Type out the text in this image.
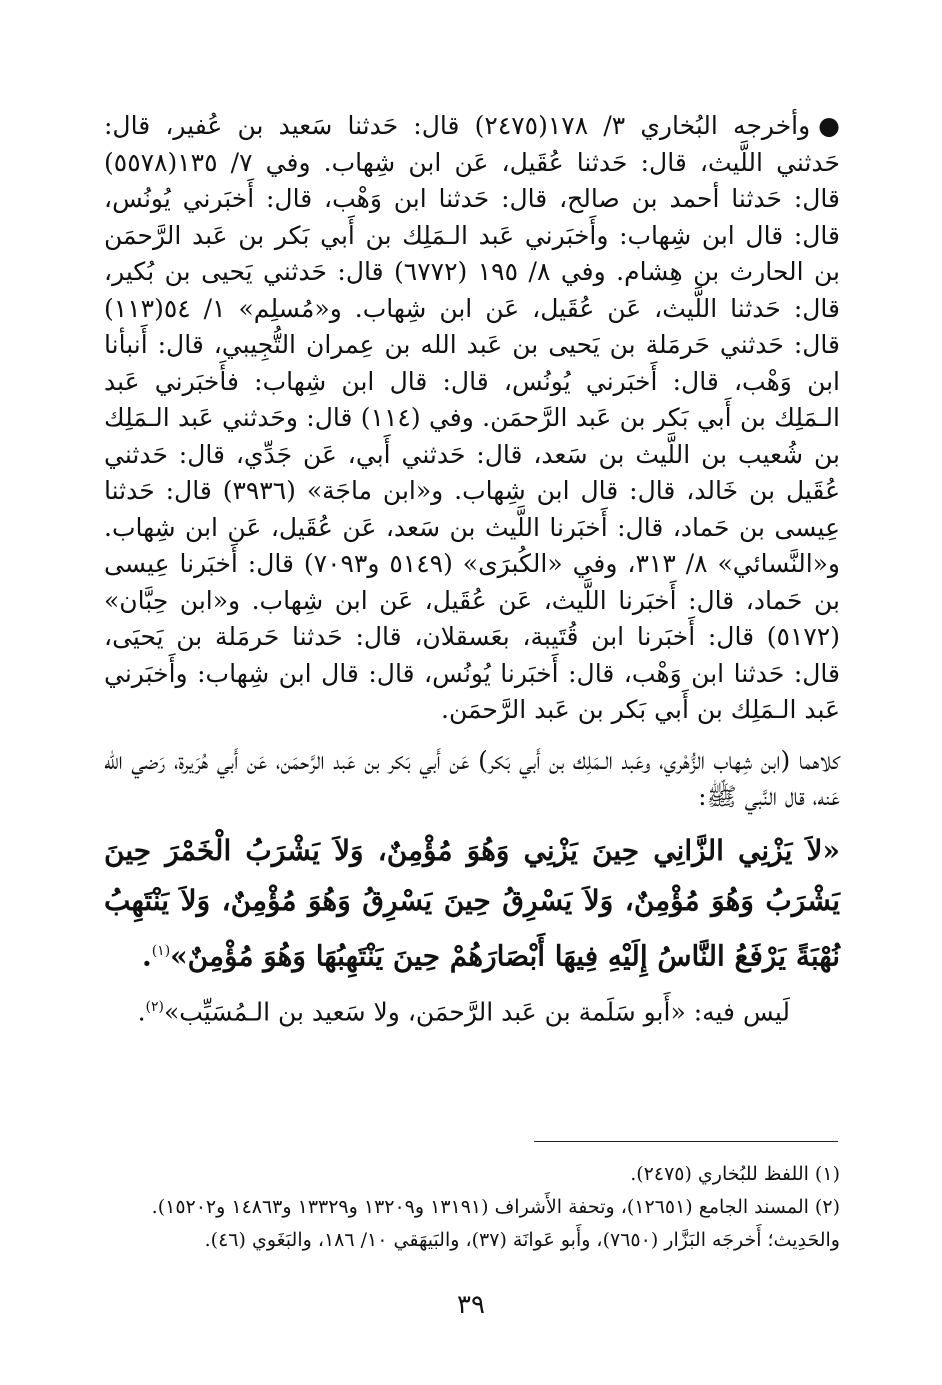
●وأخرجه البُخاري ٣/ ١٧٨(٢٤٧٥) قال: حَدثنا سَعيد بن عُفير، قال: حَدثني اللَّيث، قال: حَدثنا عُقَيل، عَن ابن شِهاب. وفي ٧/ ١٣٥(٥٥٧٨) قال: حَدثنا أحمد بن صالح، قال: حَدثنا ابن وَهْب، قال: أَخبَرني يُونُس، قال: قال ابن شِهاب: وأَخبَرني عَبد الـمَلِك بن أَبي بَكر بن عَبد الرَّحمَن بن الحارث بن هِشام. وفي ٨/ ١٩٥ (٦٧٧٢) قال: حَدثني يَحيى بن بُكير، قال: حَدثنا اللَّيث، عَن عُقَيل، عَن ابن شِهاب. و«مُسلِم» ١/ ٥٤(١١٣) قال: حَدثني حَرمَلة بن يَحيى بن عَبد الله بن عِمران التُّجِيبي، قال: أَنبأنا ابن وَهْب، قال: أَخبَرني يُونُس، قال: قال ابن شِهاب: فأَخبَرني عَبد الـمَلِك بن أَبي بَكر بن عَبد الرَّحمَن. وفي (١١٤) قال: وحَدثني عَبد الـمَلِك بن شُعيب بن اللَّيث بن سَعد، قال: حَدثني أَبي، عَن جَدِّي، قال: حَدثني عُقَيل بن خَالد، قال: قال ابن شِهاب. و«ابن ماجَة» (٣٩٣٦) قال: حَدثنا عِيسى بن حَماد، قال: أَخبَرنا اللَّيث بن سَعد، عَن عُقَيل، عَن ابن شِهاب. و«النَّسائي» ٨/ ٣١٣، وفي «الكُبرَى» (٥١٤٩ و٧٠٩٣) قال: أَخبَرنا عِيسى بن حَماد، قال: أَخبَرنا اللَّيث، عَن عُقَيل، عَن ابن شِهاب. و«ابن حِبَّان» (٥١٧٢) قال: أَخبَرنا ابن قُتَيبة، بعَسقلان، قال: حَدثنا حَرمَلة بن يَحيَى، قال: حَدثنا ابن وَهْب، قال: أَخبَرنا يُونُس، قال: قال ابن شِهاب: وأَخبَرني عَبد الـمَلِك بن أَبي بَكر بن عَبد الرَّحمَن.

كلاهما (ابن شِهاب الزُّهْري، وعَبد الـمَلِك بن أَبي بَكر) عَن أَبي بَكر بن عَبد الرَّحمَن، عَن أَبي هُرَيرة، رَضي الله عَنه، قال النَّبي ﷺ:

«لاَ يَزْنِي الزَّانِي حِينَ يَزْنِي وَهُوَ مُؤْمِنٌ، وَلاَ يَشْرَبُ الْخَمْرَ حِينَ يَشْرَبُ وَهُوَ مُؤْمِنٌ، وَلاَ يَسْرِقُ حِينَ يَسْرِقُ وَهُوَ مُؤْمِنٌ، وَلاَ يَنْتَهِبُ نُهْبَةً يَرْفَعُ النَّاسُ إِلَيْهِ فِيهَا أَبْصَارَهُمْ حِينَ يَنْتَهِبُهَا وَهُوَ مُؤْمِنٌ»$^{(١)}$.

لَيس فيه: «أَبو سَلَمة بن عَبد الرَّحمَن، ولا سَعيد بن الـمُسَيِّب»$^{(٢)}$.

(١) اللفظ للبُخاري (٢٤٧٥).

(٢) المسند الجامع (١٢٦٥١)، وتحفة الأَشراف (١٣١٩١ و١٣٢٠٩ و١٣٣٢٩ و١٤٨٦٣ و١٥٢٠٢).

والحَدِيث؛ أَخرجَه البَزَّار (٧٦٥٠)، وأَبو عَوانَة (٣٧)، والبَيهَقي ١٠/ ١٨٦، والبَغَوي (٤٦).

٣٩
